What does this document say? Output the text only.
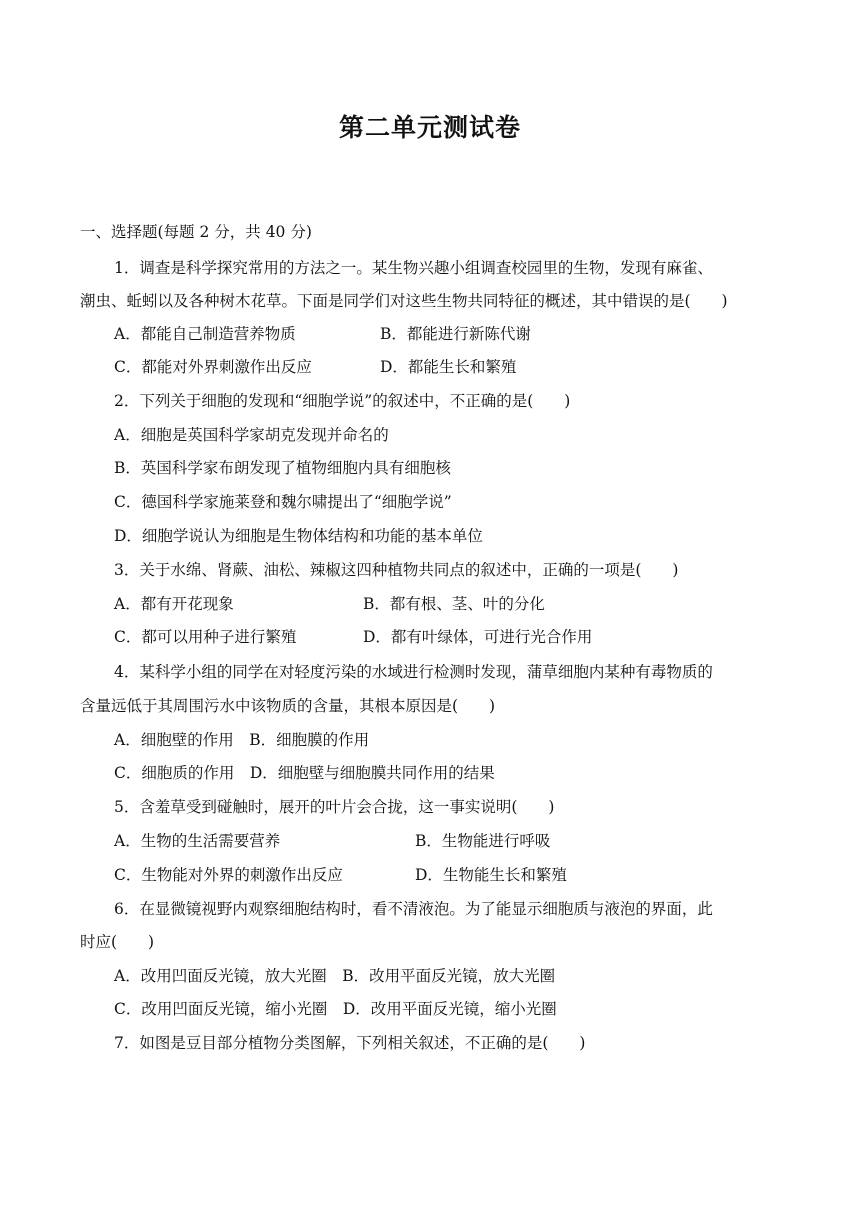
第二单元测试卷
一、选择题(每题 2 分，共 40 分)
1．调查是科学探究常用的方法之一。某生物兴趣小组调查校园里的生物，发现有麻雀、
潮虫、蚯蚓以及各种树木花草。下面是同学们对这些生物共同特征的概述，其中错误的是(　　)
A．都能自己制造营养物质	B．都能进行新陈代谢
C．都能对外界刺激作出反应	D．都能生长和繁殖
2．下列关于细胞的发现和“细胞学说”的叙述中，不正确的是(　　)
A．细胞是英国科学家胡克发现并命名的
B．英国科学家布朗发现了植物细胞内具有细胞核
C．德国科学家施莱登和魏尔啸提出了“细胞学说”
D．细胞学说认为细胞是生物体结构和功能的基本单位
3．关于水绵、肾蕨、油松、辣椒这四种植物共同点的叙述中，正确的一项是(　　)
A．都有开花现象	B．都有根、茎、叶的分化
C．都可以用种子进行繁殖	D．都有叶绿体，可进行光合作用
4．某科学小组的同学在对轻度污染的水域进行检测时发现，蒲草细胞内某种有毒物质的
含量远低于其周围污水中该物质的含量，其根本原因是(　　)
A．细胞壁的作用　B．细胞膜的作用
C．细胞质的作用　D．细胞壁与细胞膜共同作用的结果
5．含羞草受到碰触时，展开的叶片会合拢，这一事实说明(　　)
A．生物的生活需要营养	B．生物能进行呼吸
C．生物能对外界的刺激作出反应	D．生物能生长和繁殖
6．在显微镜视野内观察细胞结构时，看不清液泡。为了能显示细胞质与液泡的界面，此
时应(　　)
A．改用凹面反光镜，放大光圈　B．改用平面反光镜，放大光圈
C．改用凹面反光镜，缩小光圈　D．改用平面反光镜，缩小光圈
7．如图是豆目部分植物分类图解，下列相关叙述，不正确的是(　　)
